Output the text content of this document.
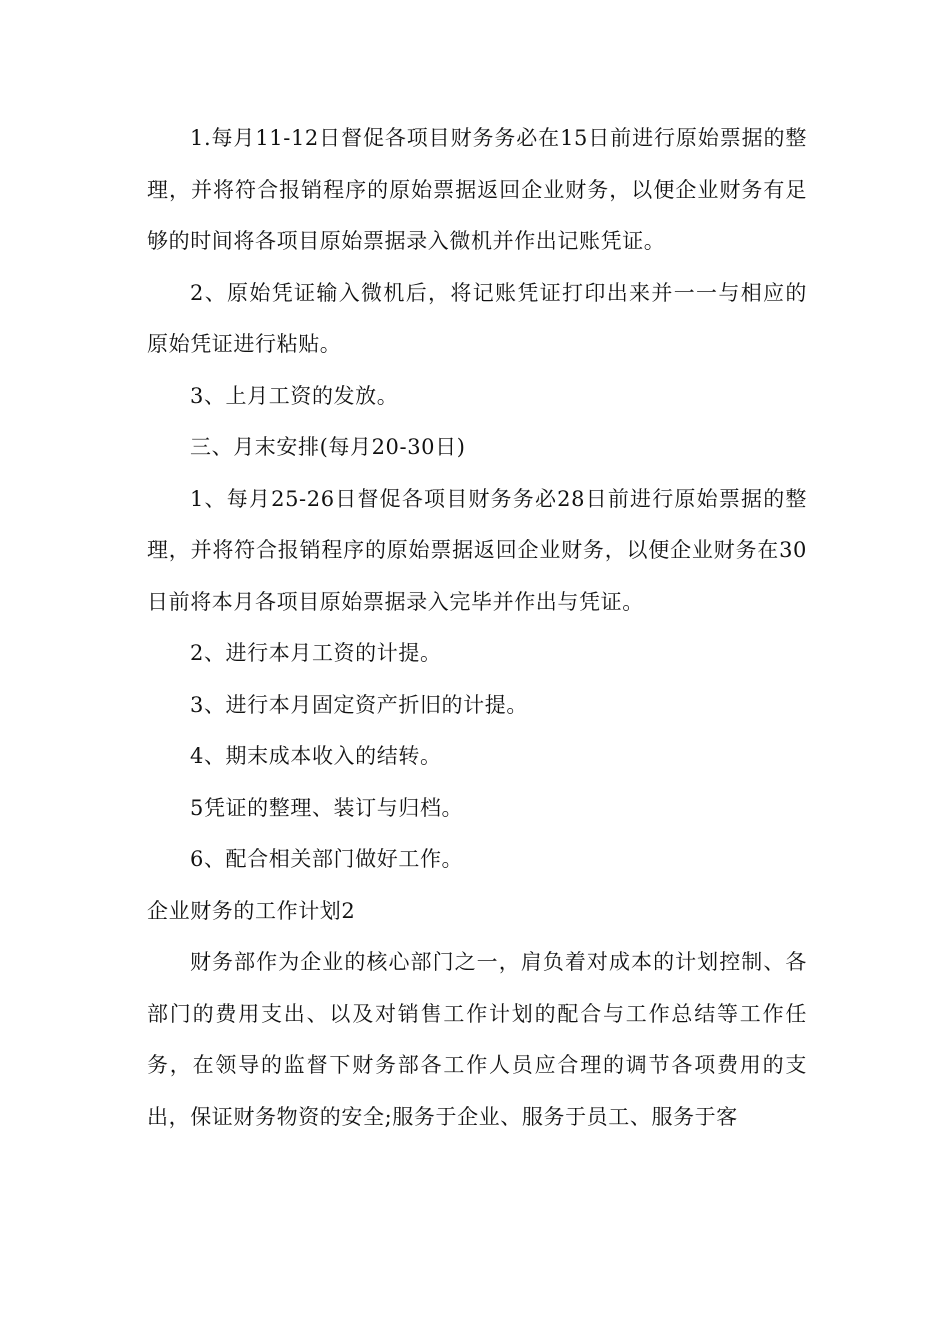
1.每月11-12日督促各项目财务务必在15日前进行原始票据的整理，并将符合报销程序的原始票据返回企业财务，以便企业财务有足够的时间将各项目原始票据录入微机并作出记账凭证。

2、原始凭证输入微机后，将记账凭证打印出来并一一与相应的原始凭证进行粘贴。

3、上月工资的发放。

三、月末安排(每月20-30日)

1、每月25-26日督促各项目财务务必28日前进行原始票据的整理，并将符合报销程序的原始票据返回企业财务，以便企业财务在30日前将本月各项目原始票据录入完毕并作出与凭证。

2、进行本月工资的计提。

3、进行本月固定资产折旧的计提。

4、期末成本收入的结转。

5凭证的整理、装订与归档。

6、配合相关部门做好工作。

企业财务的工作计划2

财务部作为企业的核心部门之一，肩负着对成本的计划控制、各部门的费用支出、以及对销售工作计划的配合与工作总结等工作任务，在领导的监督下财务部各工作人员应合理的调节各项费用的支出，保证财务物资的安全;服务于企业、服务于员工、服务于客
